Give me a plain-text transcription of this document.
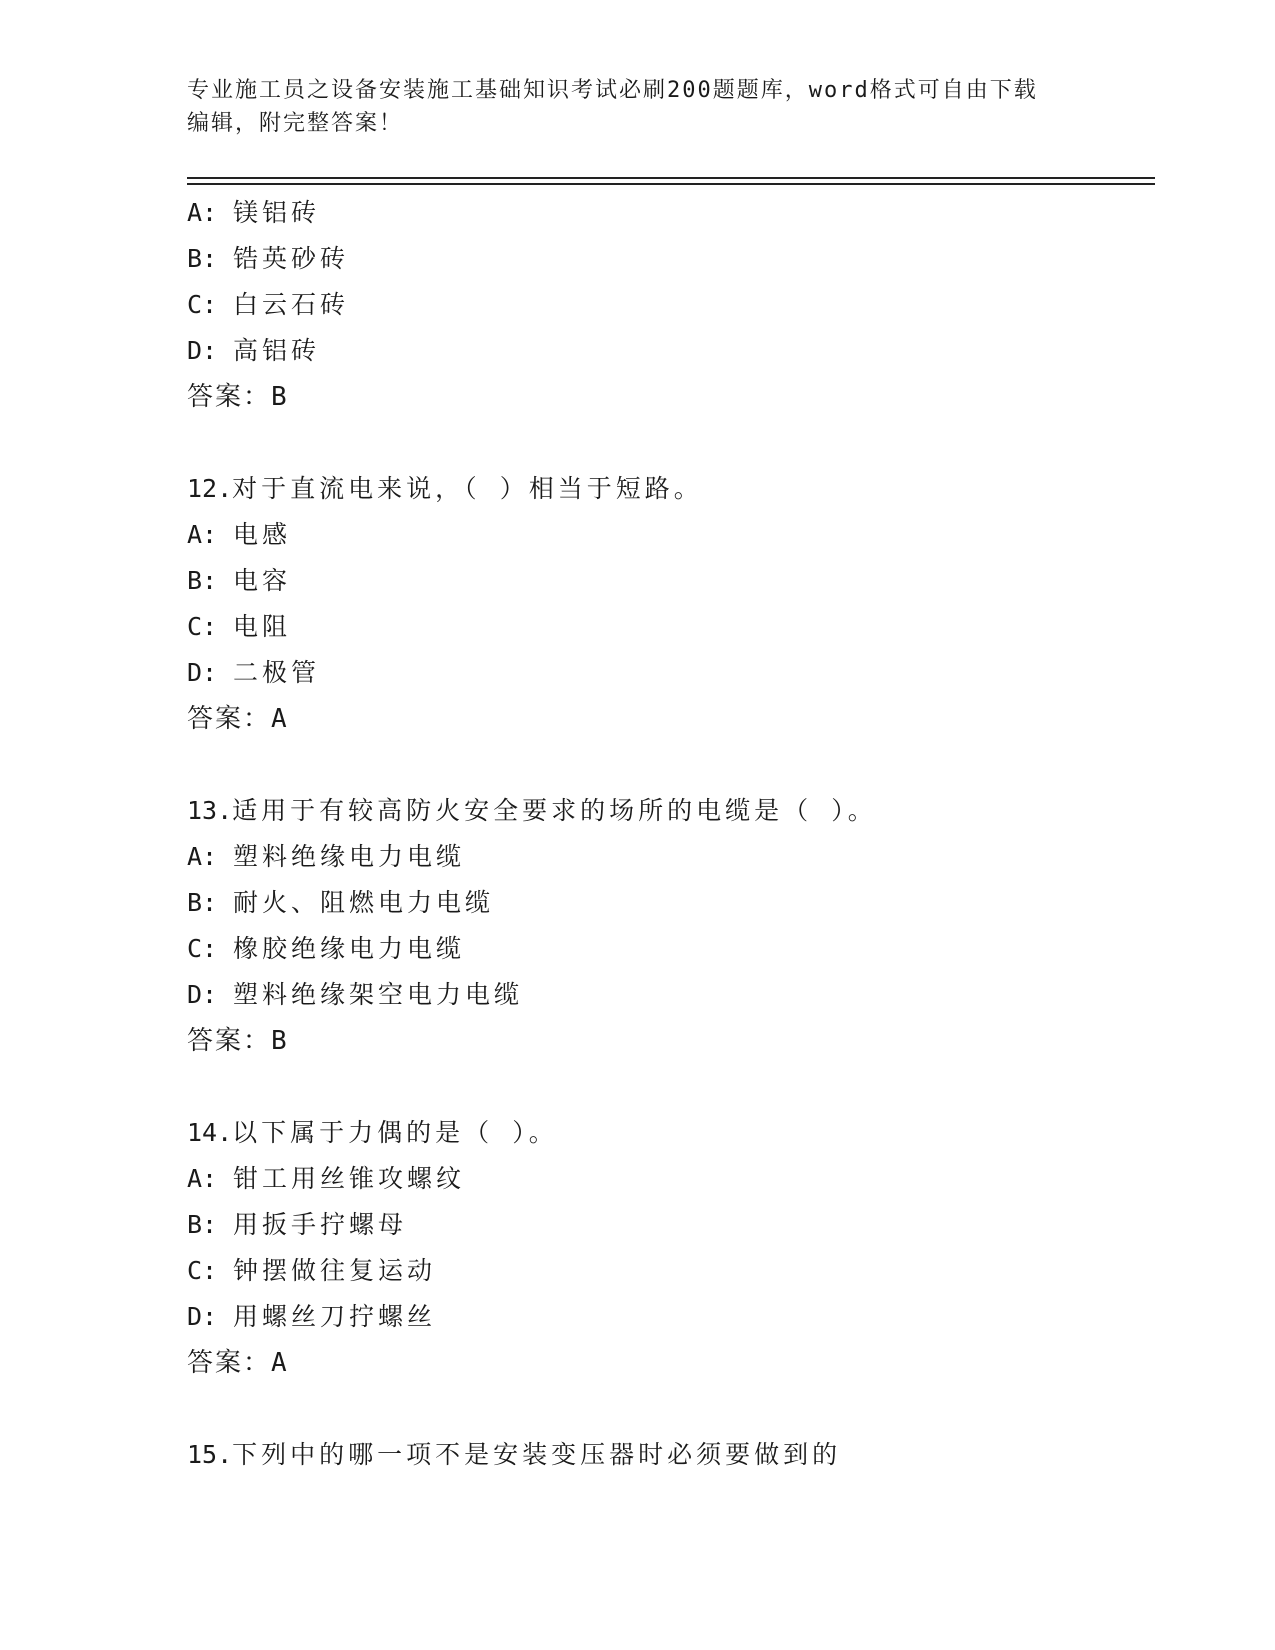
专业施工员之设备安装施工基础知识考试必刷200题题库，word格式可自由下载
编辑，附完整答案！
A: 镁铝砖
B: 锆英砂砖
C: 白云石砖
D: 高铝砖
答案：B
12.对于直流电来说，（ ）相当于短路。
A: 电感
B: 电容
C: 电阻
D: 二极管
答案：A
13.适用于有较高防火安全要求的场所的电缆是（ ）。
A: 塑料绝缘电力电缆
B: 耐火、阻燃电力电缆
C: 橡胶绝缘电力电缆
D: 塑料绝缘架空电力电缆
答案：B
14.以下属于力偶的是（ ）。
A: 钳工用丝锥攻螺纹
B: 用扳手拧螺母
C: 钟摆做往复运动
D: 用螺丝刀拧螺丝
答案：A
15.下列中的哪一项不是安装变压器时必须要做到的
